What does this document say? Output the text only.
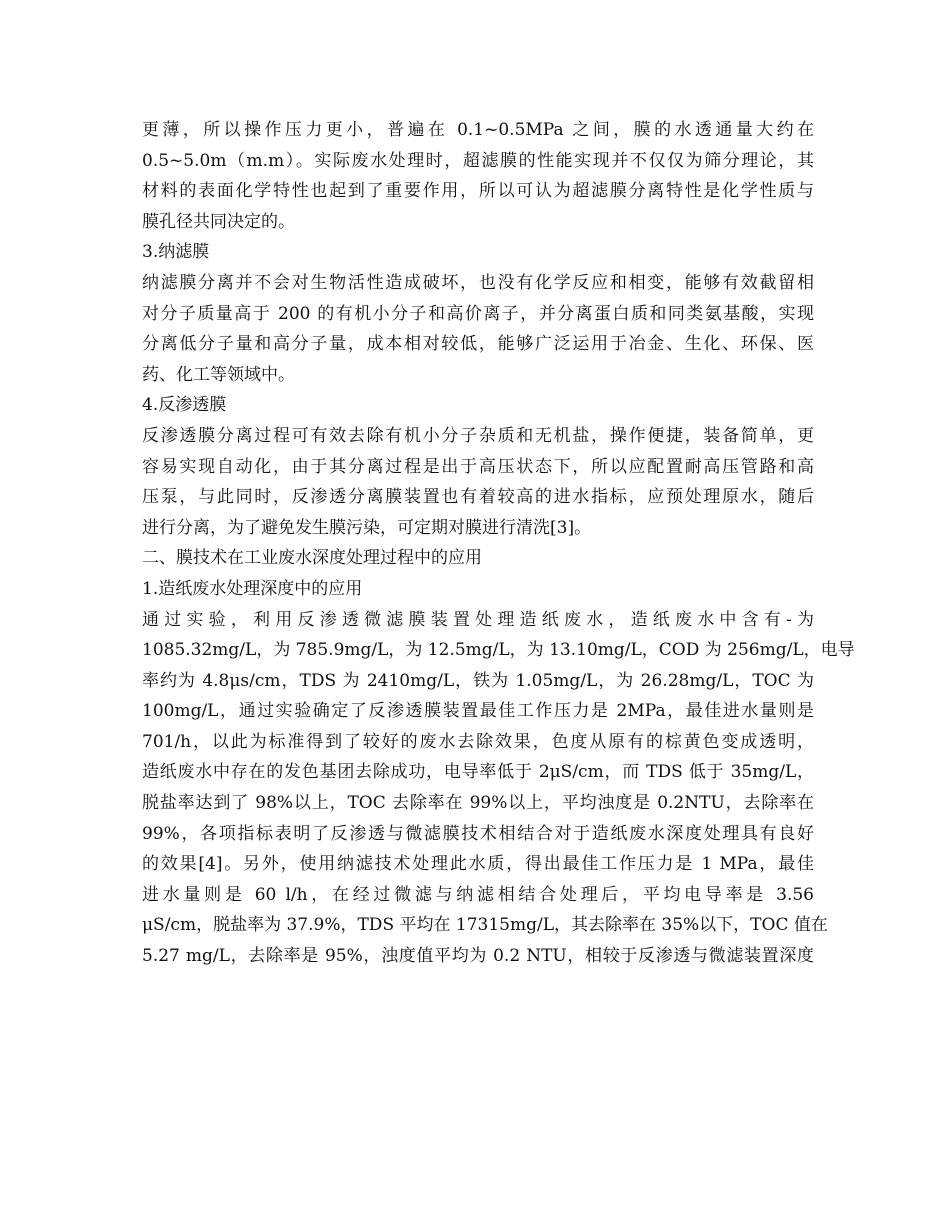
更薄，所以操作压力更小，普遍在 0.1~0.5MPa 之间，膜的水透通量大约在
0.5~5.0m（m.m）。实际废水处理时，超滤膜的性能实现并不仅仅为筛分理论，其
材料的表面化学特性也起到了重要作用，所以可认为超滤膜分离特性是化学性质与
膜孔径共同决定的。
3.纳滤膜
纳滤膜分离并不会对生物活性造成破坏，也没有化学反应和相变，能够有效截留相
对分子质量高于 200 的有机小分子和高价离子，并分离蛋白质和同类氨基酸，实现
分离低分子量和高分子量，成本相对较低，能够广泛运用于冶金、生化、环保、医
药、化工等领域中。
4.反渗透膜
反渗透膜分离过程可有效去除有机小分子杂质和无机盐，操作便捷，装备简单，更
容易实现自动化，由于其分离过程是出于高压状态下，所以应配置耐高压管路和高
压泵，与此同时，反渗透分离膜装置也有着较高的进水指标，应预处理原水，随后
进行分离，为了避免发生膜污染，可定期对膜进行清洗[3]。
二、膜技术在工业废水深度处理过程中的应用
1.造纸废水处理深度中的应用
通过实验，利用反渗透微滤膜装置处理造纸废水，造纸废水中含有-为
1085.32mg/L，为 785.9mg/L，为 12.5mg/L，为 13.10mg/L，COD 为 256mg/L，电导
率约为 4.8μs/cm，TDS 为 2410mg/L，铁为 1.05mg/L，为 26.28mg/L，TOC 为
100mg/L，通过实验确定了反渗透膜装置最佳工作压力是 2MPa，最佳进水量则是
701/h，以此为标准得到了较好的废水去除效果，色度从原有的棕黄色变成透明，
造纸废水中存在的发色基团去除成功，电导率低于 2μS/cm，而 TDS 低于 35mg/L，
脱盐率达到了 98%以上，TOC 去除率在 99%以上，平均浊度是 0.2NTU，去除率在
99%，各项指标表明了反渗透与微滤膜技术相结合对于造纸废水深度处理具有良好
的效果[4]。另外，使用纳滤技术处理此水质，得出最佳工作压力是 1 MPa，最佳
进水量则是 60 l/h，在经过微滤与纳滤相结合处理后，平均电导率是 3.56
μS/cm，脱盐率为 37.9%，TDS 平均在 17315mg/L，其去除率在 35%以下，TOC 值在
5.27 mg/L，去除率是 95%，浊度值平均为 0.2 NTU，相较于反渗透与微滤装置深度
